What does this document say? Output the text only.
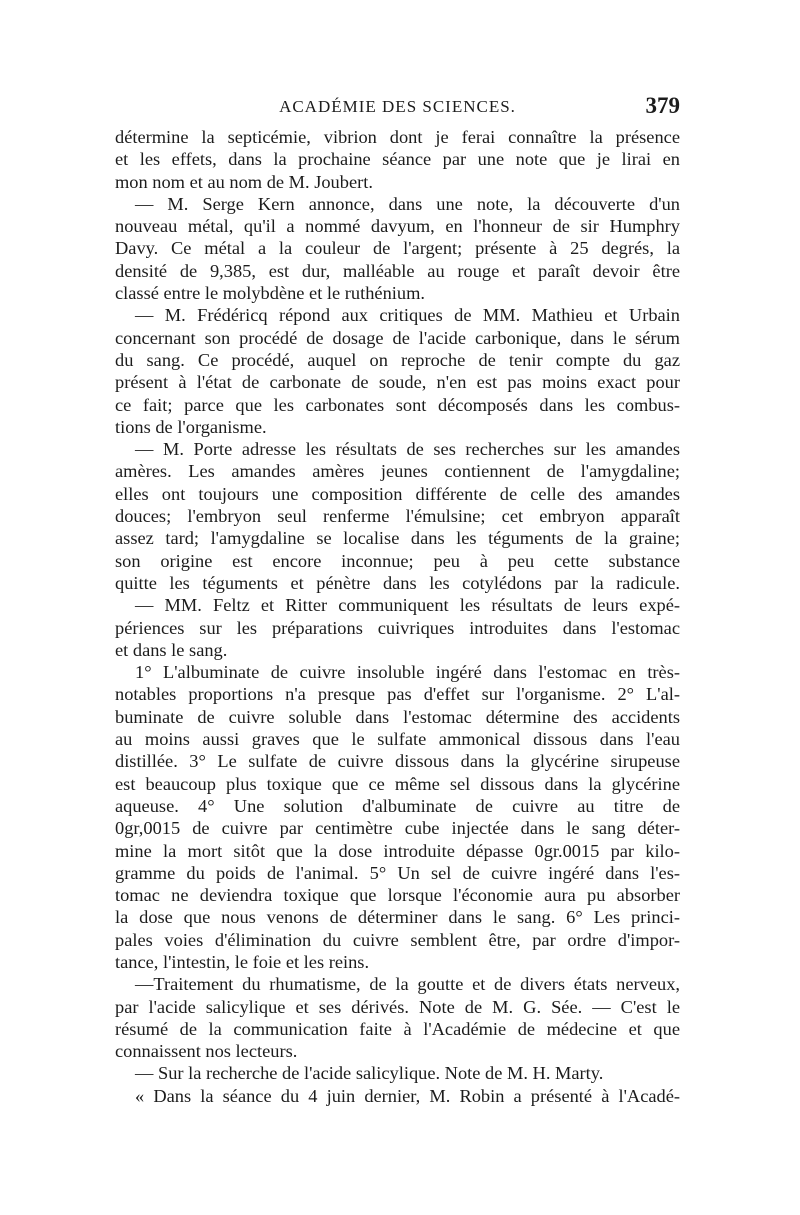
ACADÉMIE DES SCIENCES.	379
détermine la septicémie, vibrion dont je ferai connaître la présence
et les effets, dans la prochaine séance par une note que je lirai en
mon nom et au nom de M. Joubert.
— M. Serge Kern annonce, dans une note, la découverte d'un
nouveau métal, qu'il a nommé davyum, en l'honneur de sir Humphry
Davy. Ce métal a la couleur de l'argent; présente à 25 degrés, la
densité de 9,385, est dur, malléable au rouge et paraît devoir être
classé entre le molybdène et le ruthénium.
— M. Frédéricq répond aux critiques de MM. Mathieu et Urbain
concernant son procédé de dosage de l'acide carbonique, dans le sérum
du sang. Ce procédé, auquel on reproche de tenir compte du gaz
présent à l'état de carbonate de soude, n'en est pas moins exact pour
ce fait; parce que les carbonates sont décomposés dans les combus-
tions de l'organisme.
— M. Porte adresse les résultats de ses recherches sur les amandes
amères. Les amandes amères jeunes contiennent de l'amygdaline;
elles ont toujours une composition différente de celle des amandes
douces; l'embryon seul renferme l'émulsine; cet embryon apparaît
assez tard; l'amygdaline se localise dans les téguments de la graine;
son origine est encore inconnue; peu à peu cette substance
quitte les téguments et pénètre dans les cotylédons par la radicule.
— MM. Feltz et Ritter communiquent les résultats de leurs expé-
périences sur les préparations cuivriques introduites dans l'estomac
et dans le sang.
1° L'albuminate de cuivre insoluble ingéré dans l'estomac en très-
notables proportions n'a presque pas d'effet sur l'organisme. 2° L'al-
buminate de cuivre soluble dans l'estomac détermine des accidents
au moins aussi graves que le sulfate ammonical dissous dans l'eau
distillée. 3° Le sulfate de cuivre dissous dans la glycérine sirupeuse
est beaucoup plus toxique que ce même sel dissous dans la glycérine
aqueuse. 4° Une solution d'albuminate de cuivre au titre de
0gr,0015 de cuivre par centimètre cube injectée dans le sang déter-
mine la mort sitôt que la dose introduite dépasse 0gr.0015 par kilo-
gramme du poids de l'animal. 5° Un sel de cuivre ingéré dans l'es-
tomac ne deviendra toxique que lorsque l'économie aura pu absorber
la dose que nous venons de déterminer dans le sang. 6° Les princi-
pales voies d'élimination du cuivre semblent être, par ordre d'impor-
tance, l'intestin, le foie et les reins.
—Traitement du rhumatisme, de la goutte et de divers états nerveux,
par l'acide salicylique et ses dérivés. Note de M. G. Sée. — C'est le
résumé de la communication faite à l'Académie de médecine et que
connaissent nos lecteurs.
— Sur la recherche de l'acide salicylique. Note de M. H. Marty.
« Dans la séance du 4 juin dernier, M. Robin a présenté à l'Acadé-
